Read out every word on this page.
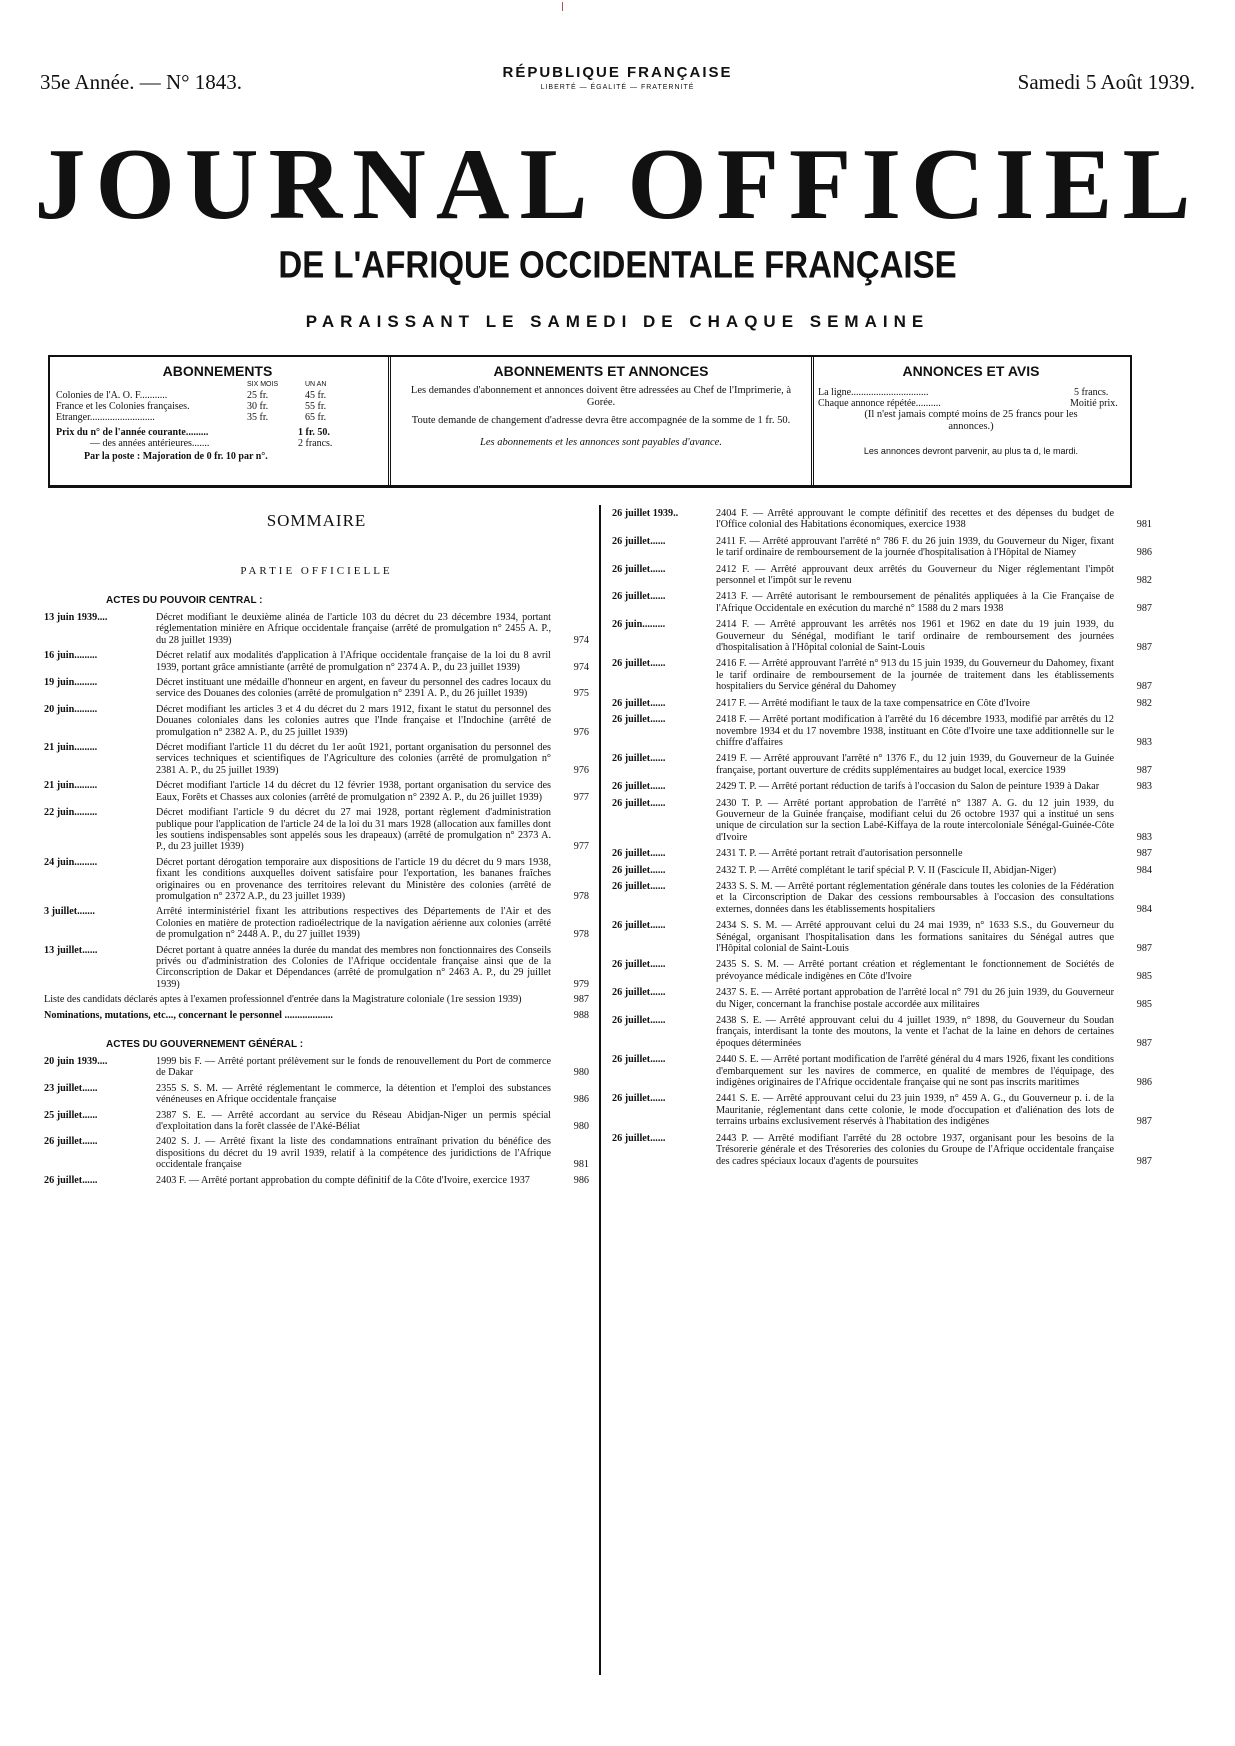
35e Année. — N° 1843.	RÉPUBLIQUE FRANÇAISE
LIBERTÉ — ÉGALITÉ — FRATERNITÉ	Samedi 5 Août 1939.
JOURNAL OFFICIEL
DE L'AFRIQUE OCCIDENTALE FRANÇAISE
PARAISSANT LE SAMEDI DE CHAQUE SEMAINE
ABONNEMENTS
SIX MOIS	UN AN
Colonies de l'A. O. F...........	25 fr.	45 fr.
France et les Colonies françaises.	30 fr.	55 fr.
Etranger..........................	35 fr.	65 fr.
Prix du n° de l'année courante.........	1 fr. 50.
— des années antérieures.......	2 francs.
Par la poste : Majoration de 0 fr. 10 par n°.
ABONNEMENTS ET ANNONCES
Les demandes d'abonnement et annonces doivent être adressées au Chef de l'Imprimerie, à Gorée.
Toute demande de changement d'adresse devra être accompagnée de la somme de 1 fr. 50.
Les abonnements et les annonces sont payables d'avance.
ANNONCES ET AVIS
La ligne...............................	5 francs.
Chaque annonce répétée..........	Moitié prix.
(Il n'est jamais compté moins de 25 francs pour les annonces.)
Les annonces devront parvenir, au plus ta d, le mardi.
SOMMAIRE
PARTIE OFFICIELLE
ACTES DU POUVOIR CENTRAL :
13 juin 1939....	Décret modifiant le deuxième alinéa de l'article 103 du décret du 23 décembre 1934, portant réglementation minière en Afrique occidentale française (arrêté de promulgation n° 2455 A. P., du 28 juillet 1939)	974
16 juin.........	Décret relatif aux modalités d'application à l'Afrique occidentale française de la loi du 8 avril 1939, portant grâce amnistiante (arrêté de promulgation n° 2374 A. P., du 23 juillet 1939)	974
19 juin.........	Décret instituant une médaille d'honneur en argent, en faveur du personnel des cadres locaux du service des Douanes des colonies (arrêté de promulgation n° 2391 A. P., du 26 juillet 1939)	975
20 juin.........	Décret modifiant les articles 3 et 4 du décret du 2 mars 1912, fixant le statut du personnel des Douanes coloniales dans les colonies autres que l'Inde française et l'Indochine (arrêté de promulgation n° 2382 A. P., du 25 juillet 1939)	976
21 juin.........	Décret modifiant l'article 11 du décret du 1er août 1921, portant organisation du personnel des services techniques et scientifiques de l'Agriculture des colonies (arrêté de promulgation n° 2381 A. P., du 25 juillet 1939)	976
21 juin.........	Décret modifiant l'article 14 du décret du 12 février 1938, portant organisation du service des Eaux, Forêts et Chasses aux colonies (arrêté de promulgation n° 2392 A. P., du 26 juillet 1939)	977
22 juin.........	Décret modifiant l'article 9 du décret du 27 mai 1928, portant règlement d'administration publique pour l'application de l'article 24 de la loi du 31 mars 1928 (allocation aux familles dont les soutiens indispensables sont appelés sous les drapeaux) (arrêté de promulgation n° 2373 A. P., du 23 juillet 1939)	977
24 juin.........	Décret portant dérogation temporaire aux dispositions de l'article 19 du décret du 9 mars 1938, fixant les conditions auxquelles doivent satisfaire pour l'exportation, les bananes fraîches originaires ou en provenance des territoires relevant du Ministère des colonies (arrêté de promulgation n° 2372 A.P., du 23 juillet 1939)	978
3 juillet.......	Arrêté interministériel fixant les attributions respectives des Départements de l'Air et des Colonies en matière de protection radioélectrique de la navigation aérienne aux colonies (arrêté de promulgation n° 2448 A. P., du 27 juillet 1939)	978
13 juillet......	Décret portant à quatre années la durée du mandat des membres non fonctionnaires des Conseils privés ou d'administration des Colonies de l'Afrique occidentale française ainsi que de la Circonscription de Dakar et Dépendances (arrêté de promulgation n° 2463 A. P., du 29 juillet 1939)	979
Liste des candidats déclarés aptes à l'examen professionnel d'entrée dans la Magistrature coloniale (1re session 1939)	987
Nominations, mutations, etc..., concernant le personnel ...................	988
ACTES DU GOUVERNEMENT GÉNÉRAL :
20 juin 1939....	1999 bis F. — Arrêté portant prélèvement sur le fonds de renouvellement du Port de commerce de Dakar	980
23 juillet......	2355 S. S. M. — Arrêté réglementant le commerce, la détention et l'emploi des substances vénéneuses en Afrique occidentale française	986
25 juillet......	2387 S. E. — Arrêté accordant au service du Réseau Abidjan-Niger un permis spécial d'exploitation dans la forêt classée de l'Aké-Béliat	980
26 juillet......	2402 S. J. — Arrêté fixant la liste des condamnations entraînant privation du bénéfice des dispositions du décret du 19 avril 1939, relatif à la compétence des juridictions de l'Afrique occidentale française	981
26 juillet......	2403 F. — Arrêté portant approbation du compte définitif de la Côte d'Ivoire, exercice 1937	986
26 juillet 1939..	2404 F. — Arrêté approuvant le compte définitif des recettes et des dépenses du budget de l'Office colonial des Habitations économiques, exercice 1938	981
26 juillet......	2411 F. — Arrêté approuvant l'arrêté n° 786 F. du 26 juin 1939, du Gouverneur du Niger, fixant le tarif ordinaire de remboursement de la journée d'hospitalisation à l'Hôpital de Niamey	986
26 juillet......	2412 F. — Arrêté approuvant deux arrêtés du Gouverneur du Niger réglementant l'impôt personnel et l'impôt sur le revenu	982
26 juillet......	2413 F. — Arrêté autorisant le remboursement de pénalités appliquées à la Cie Française de l'Afrique Occidentale en exécution du marché n° 1588 du 2 mars 1938	987
26 juin.........	2414 F. — Arrêté approuvant les arrêtés nos 1961 et 1962 en date du 19 juin 1939, du Gouverneur du Sénégal, modifiant le tarif ordinaire de remboursement des journées d'hospitalisation à l'Hôpital colonial de Saint-Louis	987
26 juillet......	2416 F. — Arrêté approuvant l'arrêté n° 913 du 15 juin 1939, du Gouverneur du Dahomey, fixant le tarif ordinaire de remboursement de la journée de traitement dans les établissements hospitaliers du Service général du Dahomey	987
26 juillet......	2417 F. — Arrêté modifiant le taux de la taxe compensatrice en Côte d'Ivoire	982
26 juillet......	2418 F. — Arrêté portant modification à l'arrêté du 16 décembre 1933, modifié par arrêtés du 12 novembre 1934 et du 17 novembre 1938, instituant en Côte d'Ivoire une taxe additionnelle sur le chiffre d'affaires	983
26 juillet......	2419 F. — Arrêté approuvant l'arrêté n° 1376 F., du 12 juin 1939, du Gouverneur de la Guinée française, portant ouverture de crédits supplémentaires au budget local, exercice 1939	987
26 juillet......	2429 T. P. — Arrêté portant réduction de tarifs à l'occasion du Salon de peinture 1939 à Dakar	983
26 juillet......	2430 T. P. — Arrêté portant approbation de l'arrêté n° 1387 A. G. du 12 juin 1939, du Gouverneur de la Guinée française, modifiant celui du 26 octobre 1937 qui a institué un sens unique de circulation sur la section Labé-Kiffaya de la route intercoloniale Sénégal-Guinée-Côte d'Ivoire	983
26 juillet......	2431 T. P. — Arrêté portant retrait d'autorisation personnelle	987
26 juillet......	2432 T. P. — Arrêté complétant le tarif spécial P. V. II (Fascicule II, Abidjan-Niger)	984
26 juillet......	2433 S. S. M. — Arrêté portant réglementation générale dans toutes les colonies de la Fédération et la Circonscription de Dakar des cessions remboursables à l'occasion des consultations externes, données dans les établissements hospitaliers	984
26 juillet......	2434 S. S. M. — Arrêté approuvant celui du 24 mai 1939, n° 1633 S.S., du Gouverneur du Sénégal, organisant l'hospitalisation dans les formations sanitaires du Sénégal autres que l'Hôpital colonial de Saint-Louis	987
26 juillet......	2435 S. S. M. — Arrêté portant création et réglementant le fonctionnement de Sociétés de prévoyance médicale indigènes en Côte d'Ivoire	985
26 juillet......	2437 S. E. — Arrêté portant approbation de l'arrêté local n° 791 du 26 juin 1939, du Gouverneur du Niger, concernant la franchise postale accordée aux militaires	985
26 juillet......	2438 S. E. — Arrêté approuvant celui du 4 juillet 1939, n° 1898, du Gouverneur du Soudan français, interdisant la tonte des moutons, la vente et l'achat de la laine en dehors de certaines époques déterminées	987
26 juillet......	2440 S. E. — Arrêté portant modification de l'arrêté général du 4 mars 1926, fixant les conditions d'embarquement sur les navires de commerce, en qualité de membres de l'équipage, des indigènes originaires de l'Afrique occidentale française qui ne sont pas inscrits maritimes	986
26 juillet......	2441 S. E. — Arrêté approuvant celui du 23 juin 1939, n° 459 A. G., du Gouverneur p. i. de la Mauritanie, réglementant dans cette colonie, le mode d'occupation et d'aliénation des lots de terrains urbains exclusivement réservés à l'habitation des indigènes	987
26 juillet......	2443 P. — Arrêté modifiant l'arrêté du 28 octobre 1937, organisant pour les besoins de la Trésorerie générale et des Trésoreries des colonies du Groupe de l'Afrique occidentale française des cadres spéciaux locaux d'agents de poursuites	987
